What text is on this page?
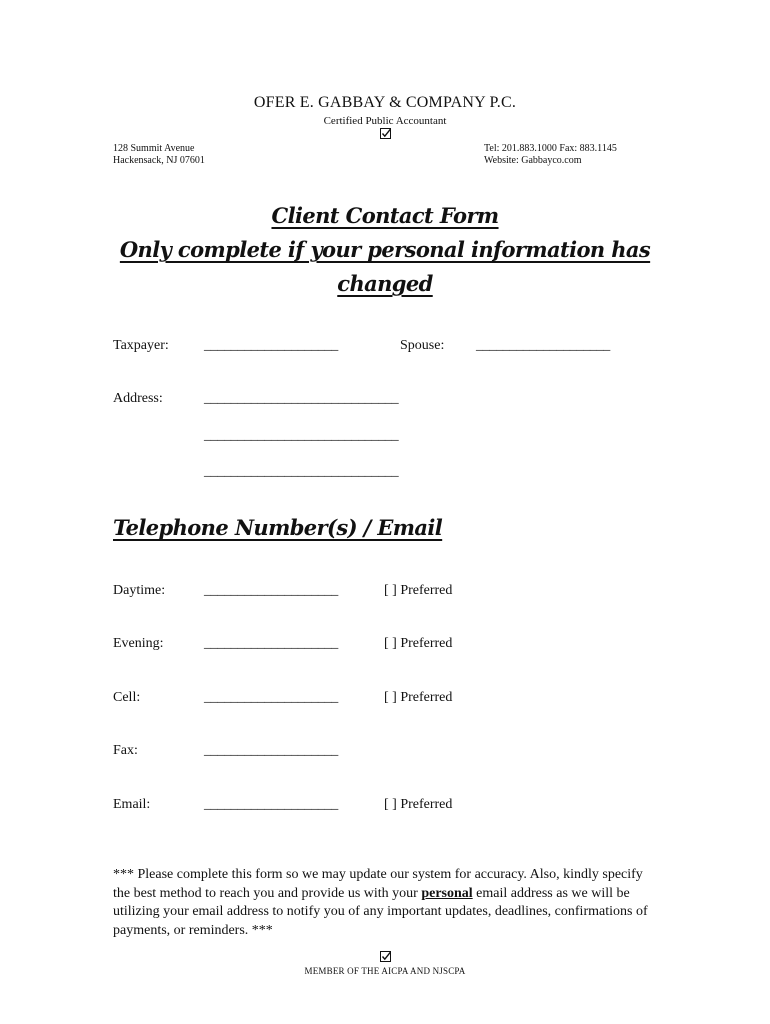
OFER E. GABBAY & COMPANY P.C.
Certified Public Accountant
128 Summit Avenue
Hackensack, NJ 07601
Tel: 201.883.1000 Fax: 883.1145
Website: Gabbayco.com
Client Contact Form
Only complete if your personal information has
changed
Taxpayer:	____________________	Spouse: ____________________
Address:	_____________________________
_____________________________
_____________________________
Telephone Number(s) / Email
Daytime:	____________________	[ ] Preferred
Evening:	____________________	[ ] Preferred
Cell:	____________________	[ ] Preferred
Fax:	____________________
Email:	____________________	[ ] Preferred
*** Please complete this form so we may update our system for accuracy. Also, kindly specify the best method to reach you and provide us with your personal email address as we will be utilizing your email address to notify you of any important updates, deadlines, confirmations of payments, or reminders. ***
MEMBER OF THE AICPA AND NJSCPA
